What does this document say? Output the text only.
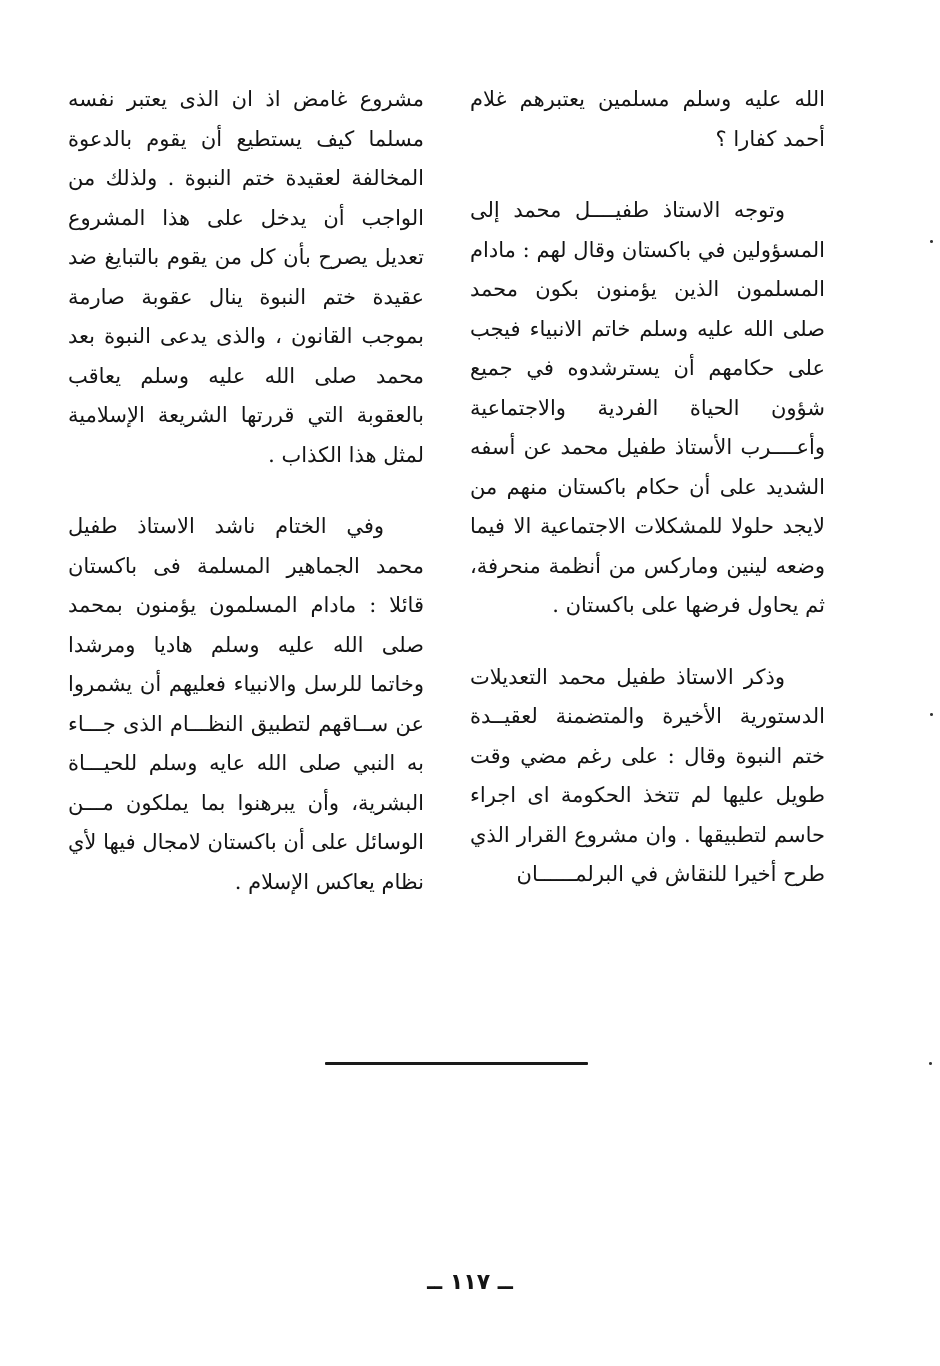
الله عليه وسلم مسلمين يعتبرهم غلام أحمد كفارا ؟

وتوجه الاستاذ طفيــــل محمد إلى المسؤولين في باكستان وقال لهم : مادام المسلمون الذين يؤمنون بكون محمد صلى الله عليه وسلم خاتم الانبياء فيجب على حكامهم أن يسترشدوه في جميع شؤون الحياة الفردية والاجتماعية وأعــــرب الأستاذ طفيل محمد عن أسفه الشديد على أن حكام باكستان منهم من لايجد حلولا للمشكلات الاجتماعية الا فيما وضعه لينين وماركس من أنظمة منحرفة، ثم يحاول فرضها على باكستان .

وذكر الاستاذ طفيل محمد التعديلات الدستورية الأخيرة والمتضمنة لعقيــدة ختم النبوة وقال : على رغم مضي وقت طويل عليها لم تتخذ الحكومة اى اجراء حاسم لتطبيقها . وان مشروع القرار الذي طرح أخيرا للنقاش في البرلمــــــان

مشروع غامض اذ ان الذى يعتبر نفسه مسلما كيف يستطيع أن يقوم بالدعوة المخالفة لعقيدة ختم النبوة . ولذلك من الواجب أن يدخل على هذا المشروع تعديل يصرح بأن كل من يقوم بالتبايغ ضد عقيدة ختم النبوة ينال عقوبة صارمة بموجب القانون ، والذى يدعى النبوة بعد محمد صلى الله عليه وسلم يعاقب بالعقوبة التي قررتها الشريعة الإسلامية لمثل هذا الكذاب .

وفي الختام ناشد الاستاذ طفيل محمد الجماهير المسلمة فى باكستان قائلا : مادام المسلمون يؤمنون بمحمد صلى الله عليه وسلم هاديا ومرشدا وخاتما للرسل والانبياء فعليهم أن يشمروا عن ســاقهم لتطبيق النظـــام الذى جـــاء به النبي صلى الله عايه وسلم للحيـــاة البشرية، وأن يبرهنوا بما يملكون مـــن الوسائل على أن باكستان لامجال فيها لأي نظام يعاكس الإسلام .

ــ ١١٧ ــ
